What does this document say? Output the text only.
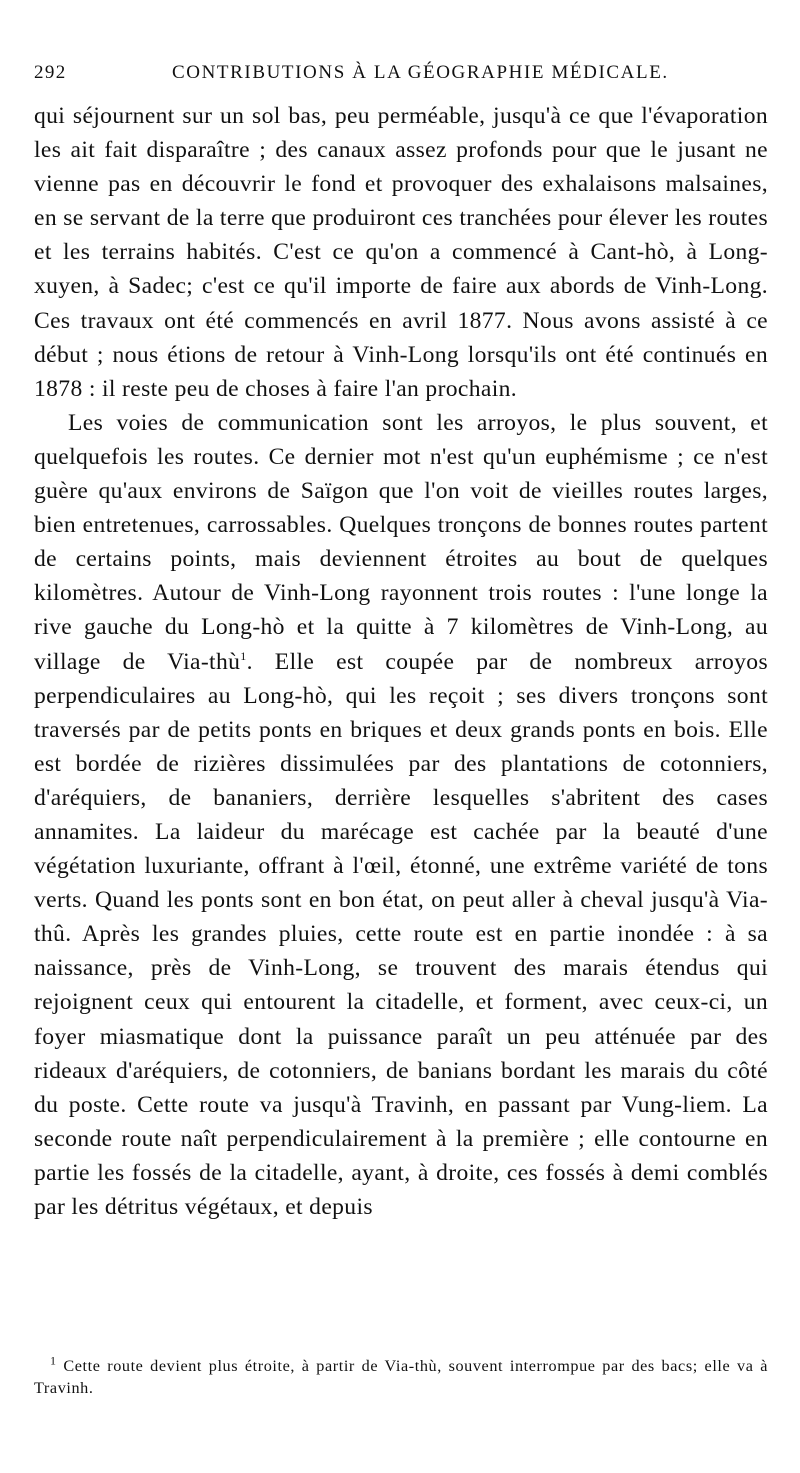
292	CONTRIBUTIONS À LA GÉOGRAPHIE MÉDICALE.

qui séjournent sur un sol bas, peu perméable, jusqu'à ce que l'évaporation les ait fait disparaître ; des canaux assez profonds pour que le jusant ne vienne pas en découvrir le fond et provoquer des exhalaisons malsaines, en se servant de la terre que produiront ces tranchées pour élever les routes et les terrains habités. C'est ce qu'on a commencé à Cant-hò, à Long-xuyen, à Sadec; c'est ce qu'il importe de faire aux abords de Vinh-Long. Ces travaux ont été commencés en avril 1877. Nous avons assisté à ce début ; nous étions de retour à Vinh-Long lorsqu'ils ont été continués en 1878 : il reste peu de choses à faire l'an prochain.

Les voies de communication sont les arroyos, le plus souvent, et quelquefois les routes. Ce dernier mot n'est qu'un euphémisme ; ce n'est guère qu'aux environs de Saïgon que l'on voit de vieilles routes larges, bien entretenues, carrossables. Quelques tronçons de bonnes routes partent de certains points, mais deviennent étroites au bout de quelques kilomètres. Autour de Vinh-Long rayonnent trois routes : l'une longe la rive gauche du Long-hò et la quitte à 7 kilomètres de Vinh-Long, au village de Via-thù$^1$. Elle est coupée par de nombreux arroyos perpendiculaires au Long-hò, qui les reçoit ; ses divers tronçons sont traversés par de petits ponts en briques et deux grands ponts en bois. Elle est bordée de rizières dissimulées par des plantations de cotonniers, d'aréquiers, de bananiers, derrière lesquelles s'abritent des cases annamites. La laideur du marécage est cachée par la beauté d'une végétation luxuriante, offrant à l'œil, étonné, une extrême variété de tons verts. Quand les ponts sont en bon état, on peut aller à cheval jusqu'à Via-thû. Après les grandes pluies, cette route est en partie inondée : à sa naissance, près de Vinh-Long, se trouvent des marais étendus qui rejoignent ceux qui entourent la citadelle, et forment, avec ceux-ci, un foyer miasmatique dont la puissance paraît un peu atténuée par des rideaux d'aréquiers, de cotonniers, de banians bordant les marais du côté du poste. Cette route va jusqu'à Travinh, en passant par Vung-liem. La seconde route naît perpendiculairement à la première ; elle contourne en partie les fossés de la citadelle, ayant, à droite, ces fossés à demi comblés par les détritus végétaux, et depuis

$^1$ Cette route devient plus étroite, à partir de Via-thù, souvent interrompue par des bacs; elle va à Travinh.
